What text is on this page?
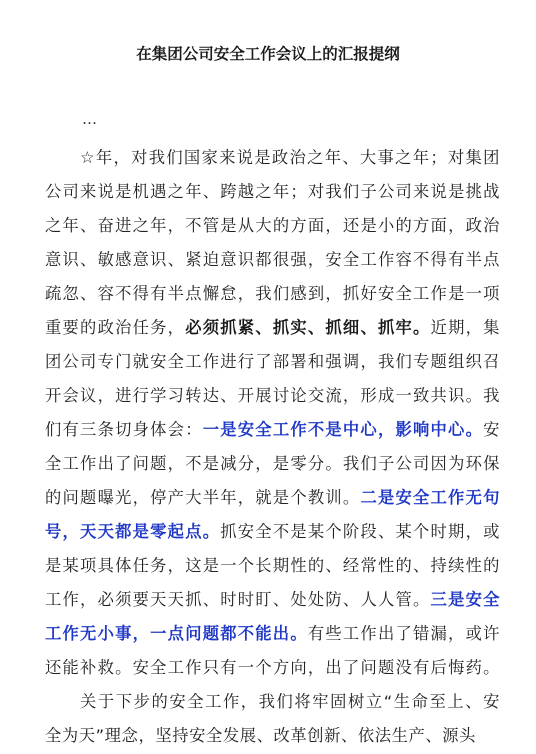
在集团公司安全工作会议上的汇报提纲
…
☆年，对我们国家来说是政治之年、大事之年；对集团
公司来说是机遇之年、跨越之年；对我们子公司来说是挑战
之年、奋进之年，不管是从大的方面，还是小的方面，政治
意识、敏感意识、紧迫意识都很强，安全工作容不得有半点
疏忽、容不得有半点懈怠，我们感到，抓好安全工作是一项
重要的政治任务，必须抓紧、抓实、抓细、抓牢。近期，集
团公司专门就安全工作进行了部署和强调，我们专题组织召
开会议，进行学习转达、开展讨论交流，形成一致共识。我
们有三条切身体会：一是安全工作不是中心，影响中心。安
全工作出了问题，不是减分，是零分。我们子公司因为环保
的问题曝光，停产大半年，就是个教训。二是安全工作无句
号，天天都是零起点。抓安全不是某个阶段、某个时期，或
是某项具体任务，这是一个长期性的、经常性的、持续性的
工作，必须要天天抓、时时盯、处处防、人人管。三是安全
工作无小事，一点问题都不能出。有些工作出了错漏，或许
还能补救。安全工作只有一个方向，出了问题没有后悔药。
关于下步的安全工作，我们将牢固树立“生命至上、安
全为天”理念，坚持安全发展、改革创新、依法生产、源头
